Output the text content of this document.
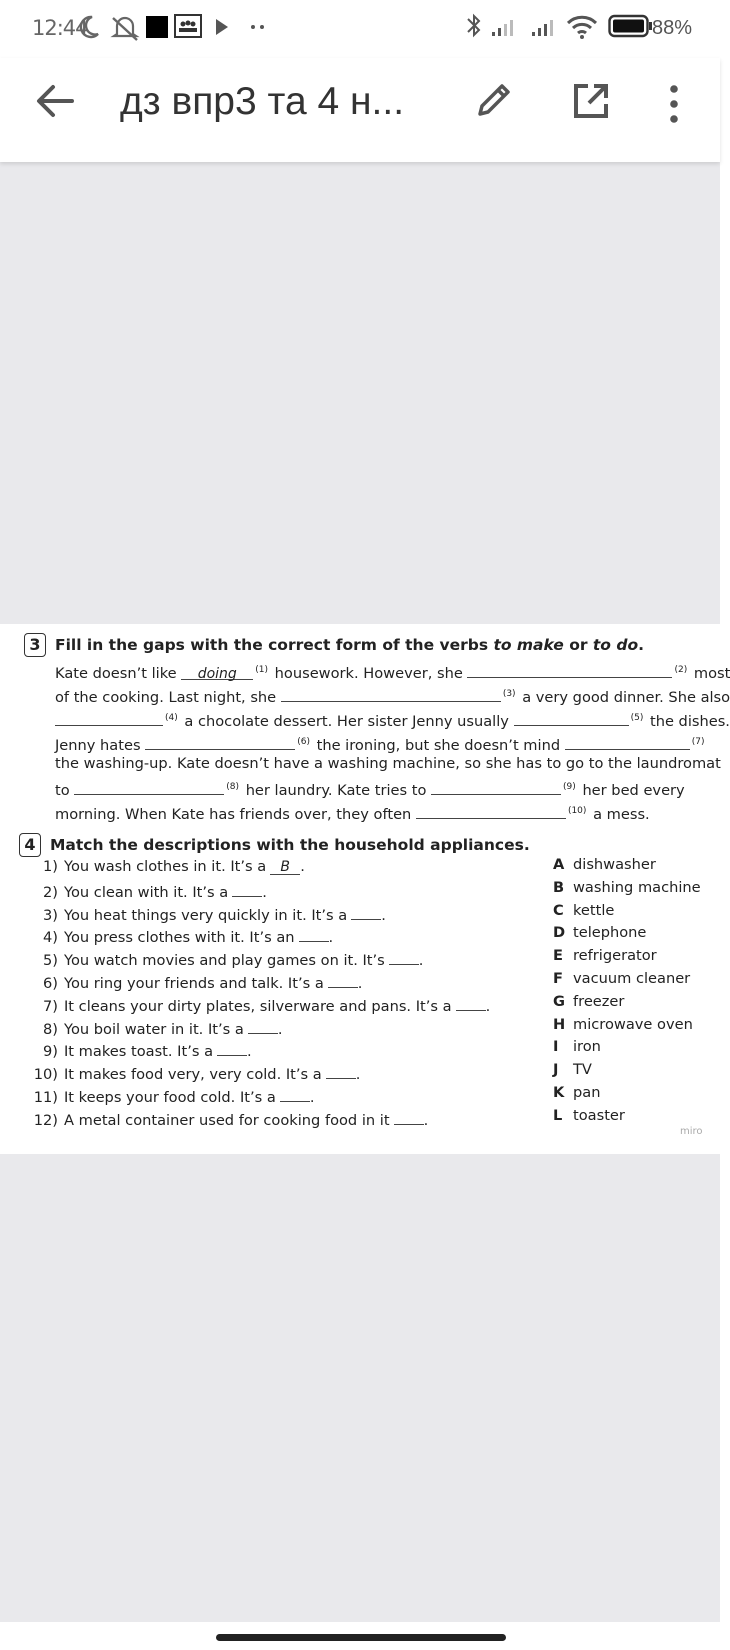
12:44	88%
дз впр3 та 4 н...
3 Fill in the gaps with the correct form of the verbs to make or to do.
Kate doesn’t like doing $^{(1)}$ housework. However, she	$^{(2)}$ most
of the cooking. Last night, she	$^{(3)}$ a very good dinner. She also
$^{(4)}$ a chocolate dessert. Her sister Jenny usually	$^{(5)}$ the dishes.
Jenny hates	$^{(6)}$ the ironing, but she doesn’t mind	$^{(7)}$
the washing-up. Kate doesn’t have a washing machine, so she has to go to the laundromat
to	$^{(8)}$ her laundry. Kate tries to	$^{(9)}$ her bed every
morning. When Kate has friends over, they often	$^{(10)}$ a mess.
4 Match the descriptions with the household appliances.
1) You wash clothes in it. It’s a B .
2) You clean with it. It’s a .
3) You heat things very quickly in it. It’s a .
4) You press clothes with it. It’s an .
5) You watch movies and play games on it. It’s .
6) You ring your friends and talk. It’s a .
7) It cleans your dirty plates, silverware and pans. It’s a .
8) You boil water in it. It’s a .
9) It makes toast. It’s a .
10) It makes food very, very cold. It’s a .
11) It keeps your food cold. It’s a .
12) A metal container used for cooking food in it .
A dishwasher
B washing machine
C kettle
D telephone
E refrigerator
F vacuum cleaner
G freezer
H microwave oven
I iron
J TV
K pan
L toaster
miro
